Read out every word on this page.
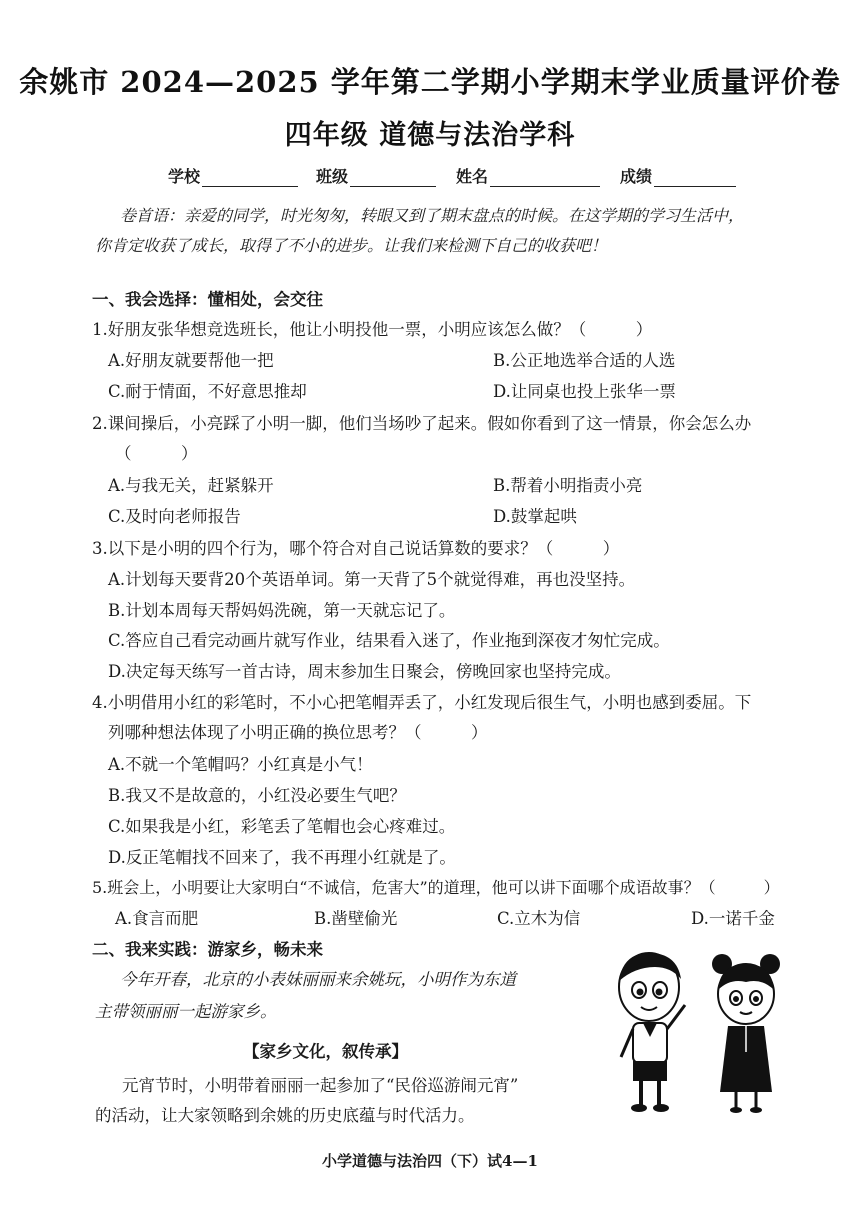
余姚市 2024—2025 学年第二学期小学期末学业质量评价卷
四年级 道德与法治学科
学校	班级	姓名	成绩
卷首语：亲爱的同学，时光匆匆，转眼又到了期末盘点的时候。在这学期的学习生活中，
你肯定收获了成长，取得了不小的进步。让我们来检测下自己的收获吧！
一、我会选择：懂相处，会交往
1.好朋友张华想竞选班长，他让小明投他一票，小明应该怎么做？（　　　）
A.好朋友就要帮他一把	B.公正地选举合适的人选
C.耐于情面，不好意思推却	D.让同桌也投上张华一票
2.课间操后，小亮踩了小明一脚，他们当场吵了起来。假如你看到了这一情景，你会怎么办
（　　　）
A.与我无关，赶紧躲开	B.帮着小明指责小亮
C.及时向老师报告	D.鼓掌起哄
3.以下是小明的四个行为，哪个符合对自己说话算数的要求？（　　　）
A.计划每天要背20个英语单词。第一天背了5个就觉得难，再也没坚持。
B.计划本周每天帮妈妈洗碗，第一天就忘记了。
C.答应自己看完动画片就写作业，结果看入迷了，作业拖到深夜才匆忙完成。
D.决定每天练写一首古诗，周末参加生日聚会，傍晚回家也坚持完成。
4.小明借用小红的彩笔时，不小心把笔帽弄丢了，小红发现后很生气，小明也感到委屈。下
列哪种想法体现了小明正确的换位思考？（　　　）
A.不就一个笔帽吗？小红真是小气！
B.我又不是故意的，小红没必要生气吧？
C.如果我是小红，彩笔丢了笔帽也会心疼难过。
D.反正笔帽找不回来了，我不再理小红就是了。
5.班会上，小明要让大家明白“不诚信，危害大”的道理，他可以讲下面哪个成语故事？（　　　）
A.食言而肥	B.凿壁偷光	C.立木为信	D.一诺千金
二、我来实践：游家乡，畅未来
今年开春，北京的小表妹丽丽来余姚玩，小明作为东道
主带领丽丽一起游家乡。
【家乡文化，叙传承】
元宵节时，小明带着丽丽一起参加了“民俗巡游闹元宵”
的活动，让大家领略到余姚的历史底蕴与时代活力。
小学道德与法治四（下）试4—1
